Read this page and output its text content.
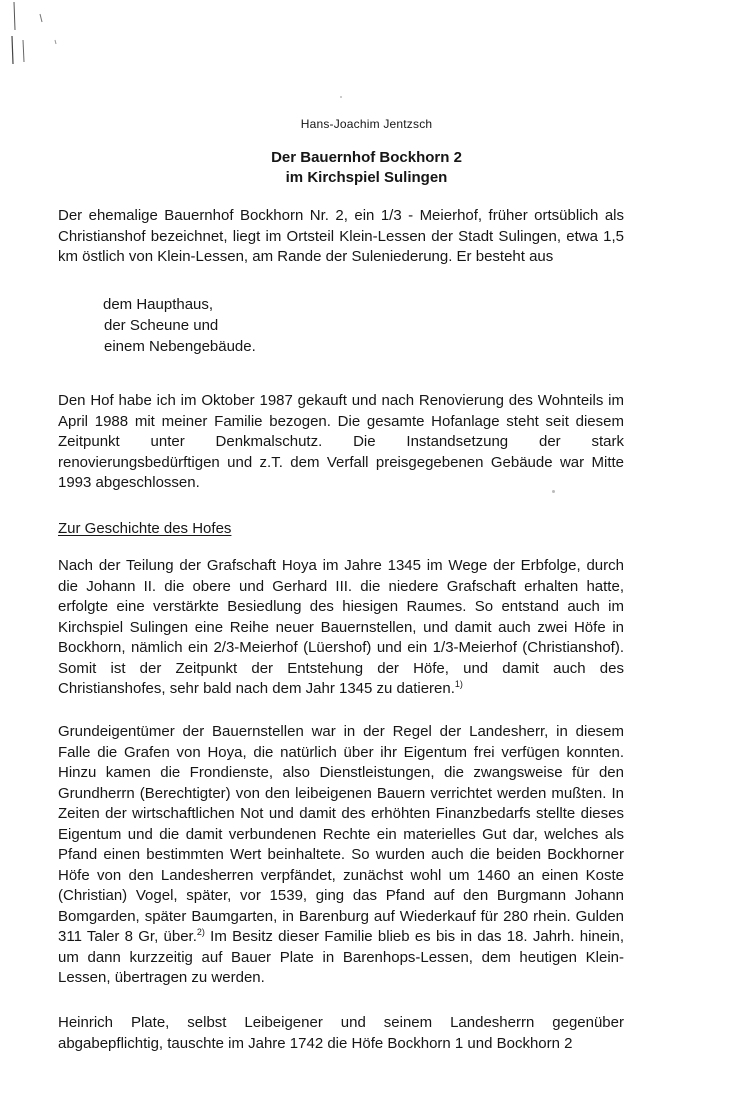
Hans-Joachim Jentzsch
Der Bauernhof Bockhorn 2
im Kirchspiel Sulingen
Der ehemalige Bauernhof Bockhorn Nr. 2, ein 1/3 - Meierhof, früher ortsüblich als Christianshof bezeichnet, liegt im Ortsteil Klein-Lessen der Stadt Sulingen, etwa 1,5 km östlich von Klein-Lessen, am Rande der Suleniederung. Er besteht aus
dem Haupthaus,
der Scheune und
einem Nebengebäude.
Den Hof habe ich im Oktober 1987 gekauft und nach Renovierung des Wohnteils im April 1988 mit meiner Familie bezogen. Die gesamte Hofanlage steht seit diesem Zeitpunkt unter Denkmalschutz. Die Instandsetzung der stark renovierungsbedürftigen und z.T. dem Verfall preisgegebenen Gebäude war Mitte 1993 abgeschlossen.
Zur Geschichte des Hofes
Nach der Teilung der Grafschaft Hoya im Jahre 1345 im Wege der Erbfolge, durch die Johann II. die obere und Gerhard III. die niedere Grafschaft erhalten hatte, erfolgte eine verstärkte Besiedlung des hiesigen Raumes. So entstand auch im Kirchspiel Sulingen eine Reihe neuer Bauernstellen, und damit auch zwei Höfe in Bockhorn, nämlich ein 2/3-Meierhof (Lüershof) und ein 1/3-Meierhof (Christianshof). Somit ist der Zeitpunkt der Entstehung der Höfe, und damit auch des Christianshofes, sehr bald nach dem Jahr 1345 zu datieren.$^{1)}$
Grundeigentümer der Bauernstellen war in der Regel der Landesherr, in diesem Falle die Grafen von Hoya, die natürlich über ihr Eigentum frei verfügen konnten. Hinzu kamen die Frondienste, also Dienstleistungen, die zwangsweise für den Grundherrn (Berechtigter) von den leibeigenen Bauern verrichtet werden mußten. In Zeiten der wirtschaftlichen Not und damit des erhöhten Finanzbedarfs stellte dieses Eigentum und die damit verbundenen Rechte ein materielles Gut dar, welches als Pfand einen bestimmten Wert beinhaltete. So wurden auch die beiden Bockhorner Höfe von den Landesherren verpfändet, zunächst wohl um 1460 an einen Koste (Christian) Vogel, später, vor 1539, ging das Pfand auf den Burgmann Johann Bomgarden, später Baumgarten, in Barenburg auf Wiederkauf für 280 rhein. Gulden 311 Taler 8 Gr, über.$^{2)}$ Im Besitz dieser Familie blieb es bis in das 18. Jahrh. hinein, um dann kurzzeitig auf Bauer Plate in Barenhops-Lessen, dem heutigen Klein-Lessen, übertragen zu werden.
Heinrich Plate, selbst Leibeigener und seinem Landesherrn gegenüber abgabepflichtig, tauschte im Jahre 1742 die Höfe Bockhorn 1 und Bockhorn 2
